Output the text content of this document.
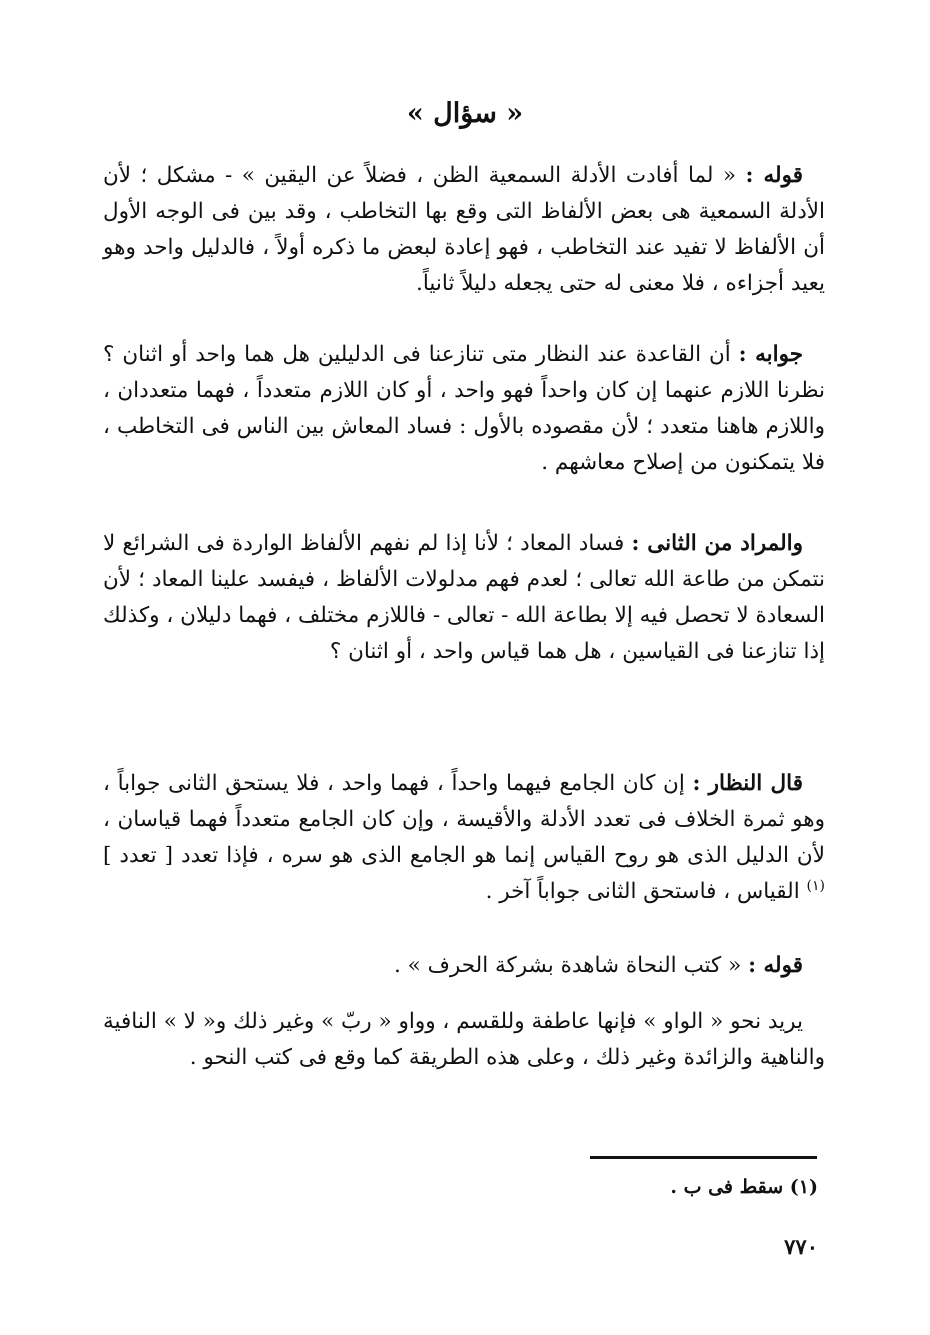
« سؤال »
قوله : « لما أفادت الأدلة السمعية الظن ، فضلاً عن اليقين » - مشكل ؛ لأن الأدلة السمعية هى بعض الألفاظ التى وقع بها التخاطب ، وقد بين فى الوجه الأول أن الألفاظ لا تفيد عند التخاطب ، فهو إعادة لبعض ما ذكره أولاً ، فالدليل واحد وهو يعيد أجزاءه ، فلا معنى له حتى يجعله دليلاً ثانياً.
جوابه : أن القاعدة عند النظار متى تنازعنا فى الدليلين هل هما واحد أو اثنان ؟ نظرنا اللازم عنهما إن كان واحداً فهو واحد ، أو كان اللازم متعدداً ، فهما متعددان ، واللازم هاهنا متعدد ؛ لأن مقصوده بالأول : فساد المعاش بين الناس فى التخاطب ، فلا يتمكنون من إصلاح معاشهم .
والمراد من الثانى : فساد المعاد ؛ لأنا إذا لم نفهم الألفاظ الواردة فى الشرائع لا نتمكن من طاعة الله تعالى ؛ لعدم فهم مدلولات الألفاظ ، فيفسد علينا المعاد ؛ لأن السعادة لا تحصل فيه إلا بطاعة الله - تعالى - فاللازم مختلف ، فهما دليلان ، وكذلك إذا تنازعنا فى القياسين ، هل هما قياس واحد ، أو اثنان ؟
قال النظار : إن كان الجامع فيهما واحداً ، فهما واحد ، فلا يستحق الثانى جواباً ، وهو ثمرة الخلاف فى تعدد الأدلة والأقيسة ، وإن كان الجامع متعدداً فهما قياسان ، لأن الدليل الذى هو روح القياس إنما هو الجامع الذى هو سره ، فإذا تعدد [ تعدد ] $^{(١)}$ القياس ، فاستحق الثانى جواباً آخر .
قوله : « كتب النحاة شاهدة بشركة الحرف » .
يريد نحو « الواو » فإنها عاطفة وللقسم ، وواو « ربّ » وغير ذلك و« لا » النافية والناهية والزائدة وغير ذلك ، وعلى هذه الطريقة كما وقع فى كتب النحو .
(١) سقط فى ب .
٧٧٠
